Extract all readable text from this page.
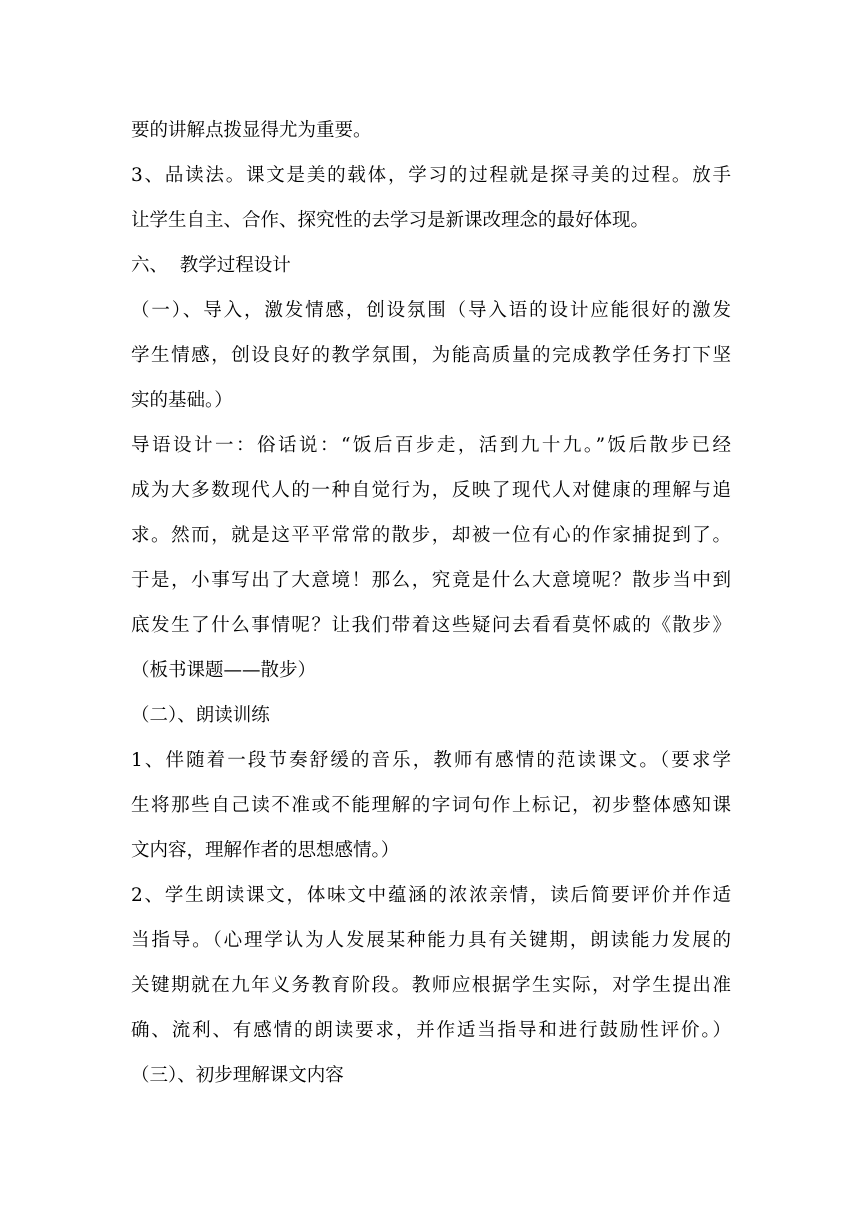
要的讲解点拨显得尤为重要。
3、品读法。课文是美的载体，学习的过程就是探寻美的过程。放手
让学生自主、合作、探究性的去学习是新课改理念的最好体现。
六、  教学过程设计
（一）、导入，激发情感，创设氛围（导入语的设计应能很好的激发
学生情感，创设良好的教学氛围，为能高质量的完成教学任务打下坚
实的基础。）
导语设计一：俗话说：“饭后百步走，活到九十九。”饭后散步已经
成为大多数现代人的一种自觉行为，反映了现代人对健康的理解与追
求。然而，就是这平平常常的散步，却被一位有心的作家捕捉到了。
于是，小事写出了大意境！那么，究竟是什么大意境呢？散步当中到
底发生了什么事情呢？让我们带着这些疑问去看看莫怀戚的《散步》
（板书课题——散步）
（二）、朗读训练
1、伴随着一段节奏舒缓的音乐，教师有感情的范读课文。（要求学
生将那些自己读不准或不能理解的字词句作上标记，初步整体感知课
文内容，理解作者的思想感情。）
2、学生朗读课文，体味文中蕴涵的浓浓亲情，读后简要评价并作适
当指导。（心理学认为人发展某种能力具有关键期，朗读能力发展的
关键期就在九年义务教育阶段。教师应根据学生实际，对学生提出准
确、流利、有感情的朗读要求，并作适当指导和进行鼓励性评价。）
（三）、初步理解课文内容
